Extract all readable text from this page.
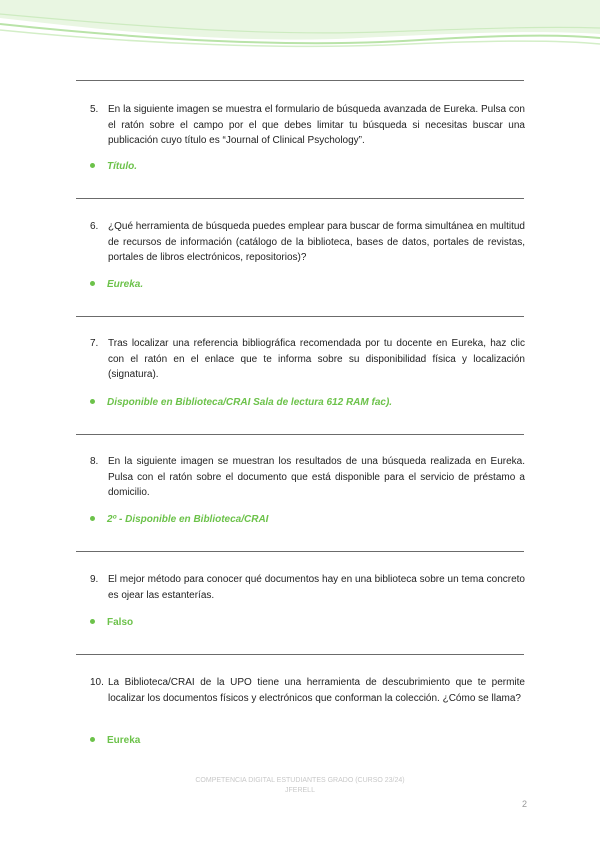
5. En la siguiente imagen se muestra el formulario de búsqueda avanzada de Eureka. Pulsa con el ratón sobre el campo por el que debes limitar tu búsqueda si necesitas buscar una publicación cuyo título es “Journal of Clinical Psychology”.
Título.
6. ¿Qué herramienta de búsqueda puedes emplear para buscar de forma simultánea en multitud de recursos de información (catálogo de la biblioteca, bases de datos, portales de revistas, portales de libros electrónicos, repositorios)?
Eureka.
7. Tras localizar una referencia bibliográfica recomendada por tu docente en Eureka, haz clic con el ratón en el enlace que te informa sobre su disponibilidad física y localización (signatura).
Disponible en Biblioteca/CRAI Sala de lectura 612 RAM fac).
8. En la siguiente imagen se muestran los resultados de una búsqueda realizada en Eureka. Pulsa con el ratón sobre el documento que está disponible para el servicio de préstamo a domicilio.
2º - Disponible en Biblioteca/CRAI
9. El mejor método para conocer qué documentos hay en una biblioteca sobre un tema concreto es ojear las estanterías.
Falso
10. La Biblioteca/CRAI de la UPO tiene una herramienta de descubrimiento que te permite localizar los documentos físicos y electrónicos que conforman la colección. ¿Cómo se llama?
Eureka
COMPETENCIA DIGITAL ESTUDIANTES GRADO (CURSO 23/24)
JFERELL
2
